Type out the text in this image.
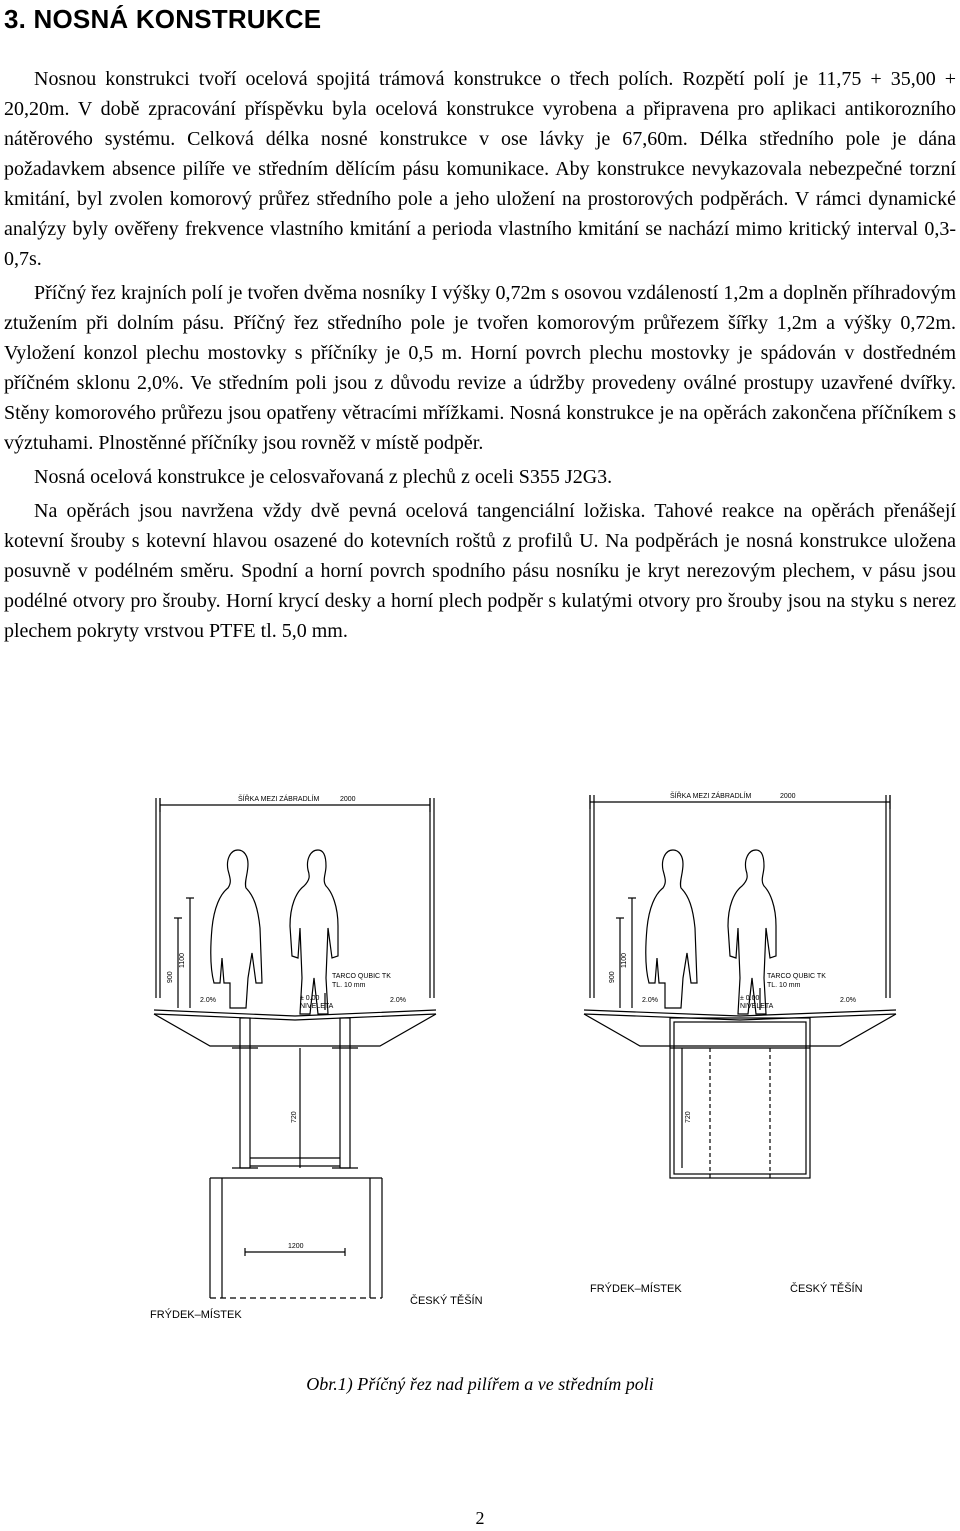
3. NOSNÁ KONSTRUKCE

Nosnou konstrukci tvoří ocelová spojitá trámová konstrukce o třech polích. Rozpětí polí je 11,75 + 35,00 + 20,20m. V době zpracování příspěvku byla ocelová konstrukce vyrobena a připravena pro aplikaci antikorozního nátěrového systému. Celková délka nosné konstrukce v ose lávky je 67,60m. Délka středního pole je dána požadavkem absence pilíře ve středním dělícím pásu komunikace. Aby konstrukce nevykazovala nebezpečné torzní kmitání, byl zvolen komorový průřez středního pole a jeho uložení na prostorových podpěrách. V rámci dynamické analýzy byly ověřeny frekvence vlastního kmitání a perioda vlastního kmitání se nachází mimo kritický interval 0,3-0,7s.

Příčný řez krajních polí je tvořen dvěma nosníky I výšky 0,72m s osovou vzdáleností 1,2m a doplněn příhradovým ztužením při dolním pásu. Příčný řez středního pole je tvořen komorovým průřezem šířky 1,2m a výšky 0,72m. Vyložení konzol plechu mostovky s příčníky je 0,5 m. Horní povrch plechu mostovky je spádován v dostředném příčném sklonu 2,0%. Ve středním poli jsou z důvodu revize a údržby provedeny oválné prostupy uzavřené dvířky. Stěny komorového průřezu jsou opatřeny větracími mřížkami. Nosná konstrukce je na opěrách zakončena příčníkem s výztuhami. Plnostěnné příčníky jsou rovněž v místě podpěr.

Nosná ocelová konstrukce je celosvařovaná z plechů z oceli S355 J2G3.

Na opěrách jsou navržena vždy dvě pevná ocelová tangenciální ložiska. Tahové reakce na opěrách přenášejí kotevní šrouby s kotevní hlavou osazené do kotevních roštů z profilů U. Na podpěrách je nosná konstrukce uložena posuvně v podélném směru. Spodní a horní povrch spodního pásu nosníku je kryt nerezovým plechem, v pásu jsou podélné otvory pro šrouby. Horní krycí desky a horní plech podpěr s kulatými otvory pro šrouby jsou na styku s nerez plechem pokryty vrstvou PTFE tl. 5,0 mm.

ŠÍŘKA MEZI ZÁBRADLÍM	2000
1100
900	TARCO QUBIC TK
TL. 10 mm
2.0%	2.0%
± 0.00
NIVELETA
720
1200
FRÝDEK–MÍSTEK
ČESKÝ TĚŠÍN
ŠÍŘKA MEZI ZÁBRADLÍM	2000
1100
900	TARCO QUBIC TK
TL. 10 mm
2.0%	2.0%
± 0.00
NIVELETA
720
FRÝDEK–MÍSTEK	ČESKÝ TĚŠÍN
Obr.1) Příčný řez nad pilířem a ve středním poli
2
